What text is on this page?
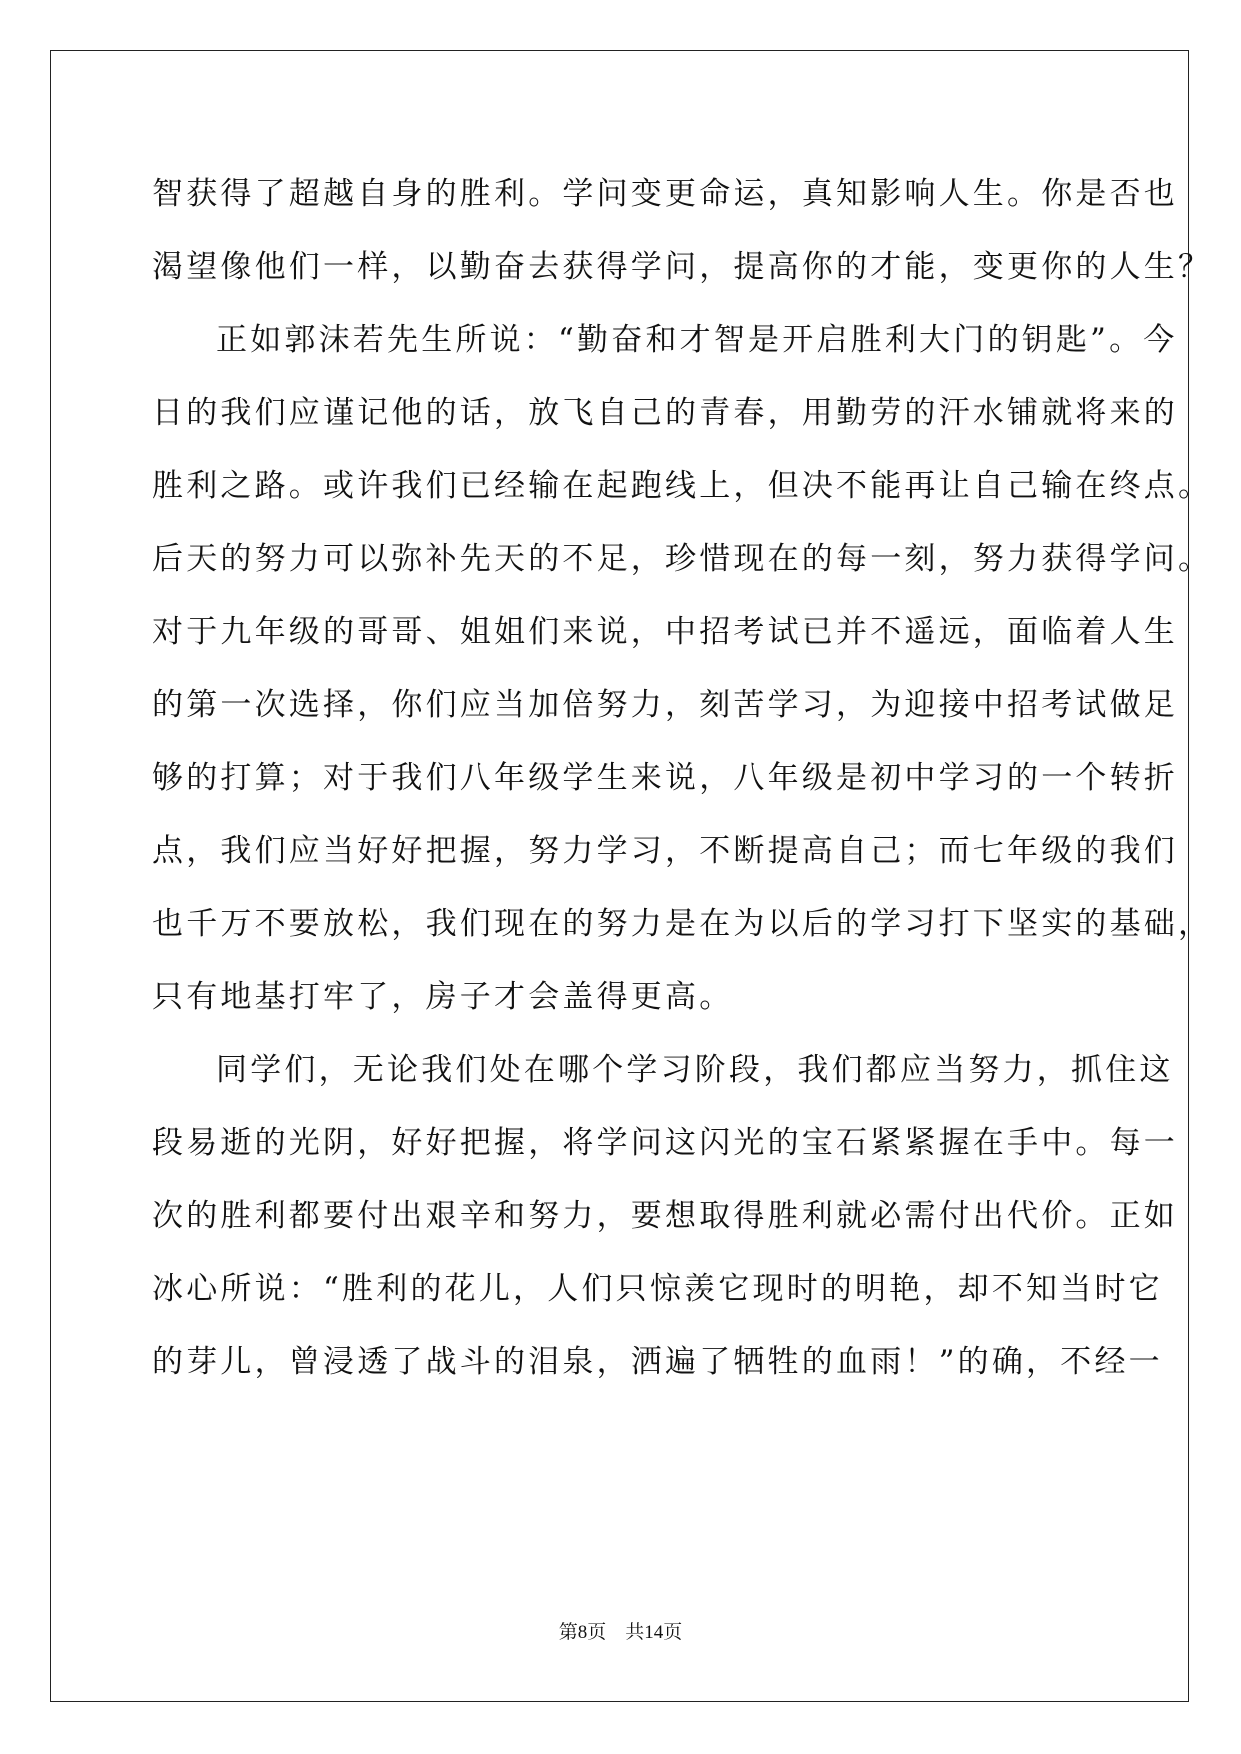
智获得了超越自身的胜利。学问变更命运，真知影响人生。你是否也
渴望像他们一样，以勤奋去获得学问，提高你的才能，变更你的人生？
正如郭沫若先生所说：“勤奋和才智是开启胜利大门的钥匙”。今
日的我们应谨记他的话，放飞自己的青春，用勤劳的汗水铺就将来的
胜利之路。或许我们已经输在起跑线上，但决不能再让自己输在终点。
后天的努力可以弥补先天的不足，珍惜现在的每一刻，努力获得学问。
对于九年级的哥哥、姐姐们来说，中招考试已并不遥远，面临着人生
的第一次选择，你们应当加倍努力，刻苦学习，为迎接中招考试做足
够的打算；对于我们八年级学生来说，八年级是初中学习的一个转折
点，我们应当好好把握，努力学习，不断提高自己；而七年级的我们
也千万不要放松，我们现在的努力是在为以后的学习打下坚实的基础，
只有地基打牢了，房子才会盖得更高。
同学们，无论我们处在哪个学习阶段，我们都应当努力，抓住这
段易逝的光阴，好好把握，将学问这闪光的宝石紧紧握在手中。每一
次的胜利都要付出艰辛和努力，要想取得胜利就必需付出代价。正如
冰心所说：“胜利的花儿，人们只惊羡它现时的明艳，却不知当时它
的芽儿，曾浸透了战斗的泪泉，洒遍了牺牲的血雨！”的确，不经一
第8页 共14页
